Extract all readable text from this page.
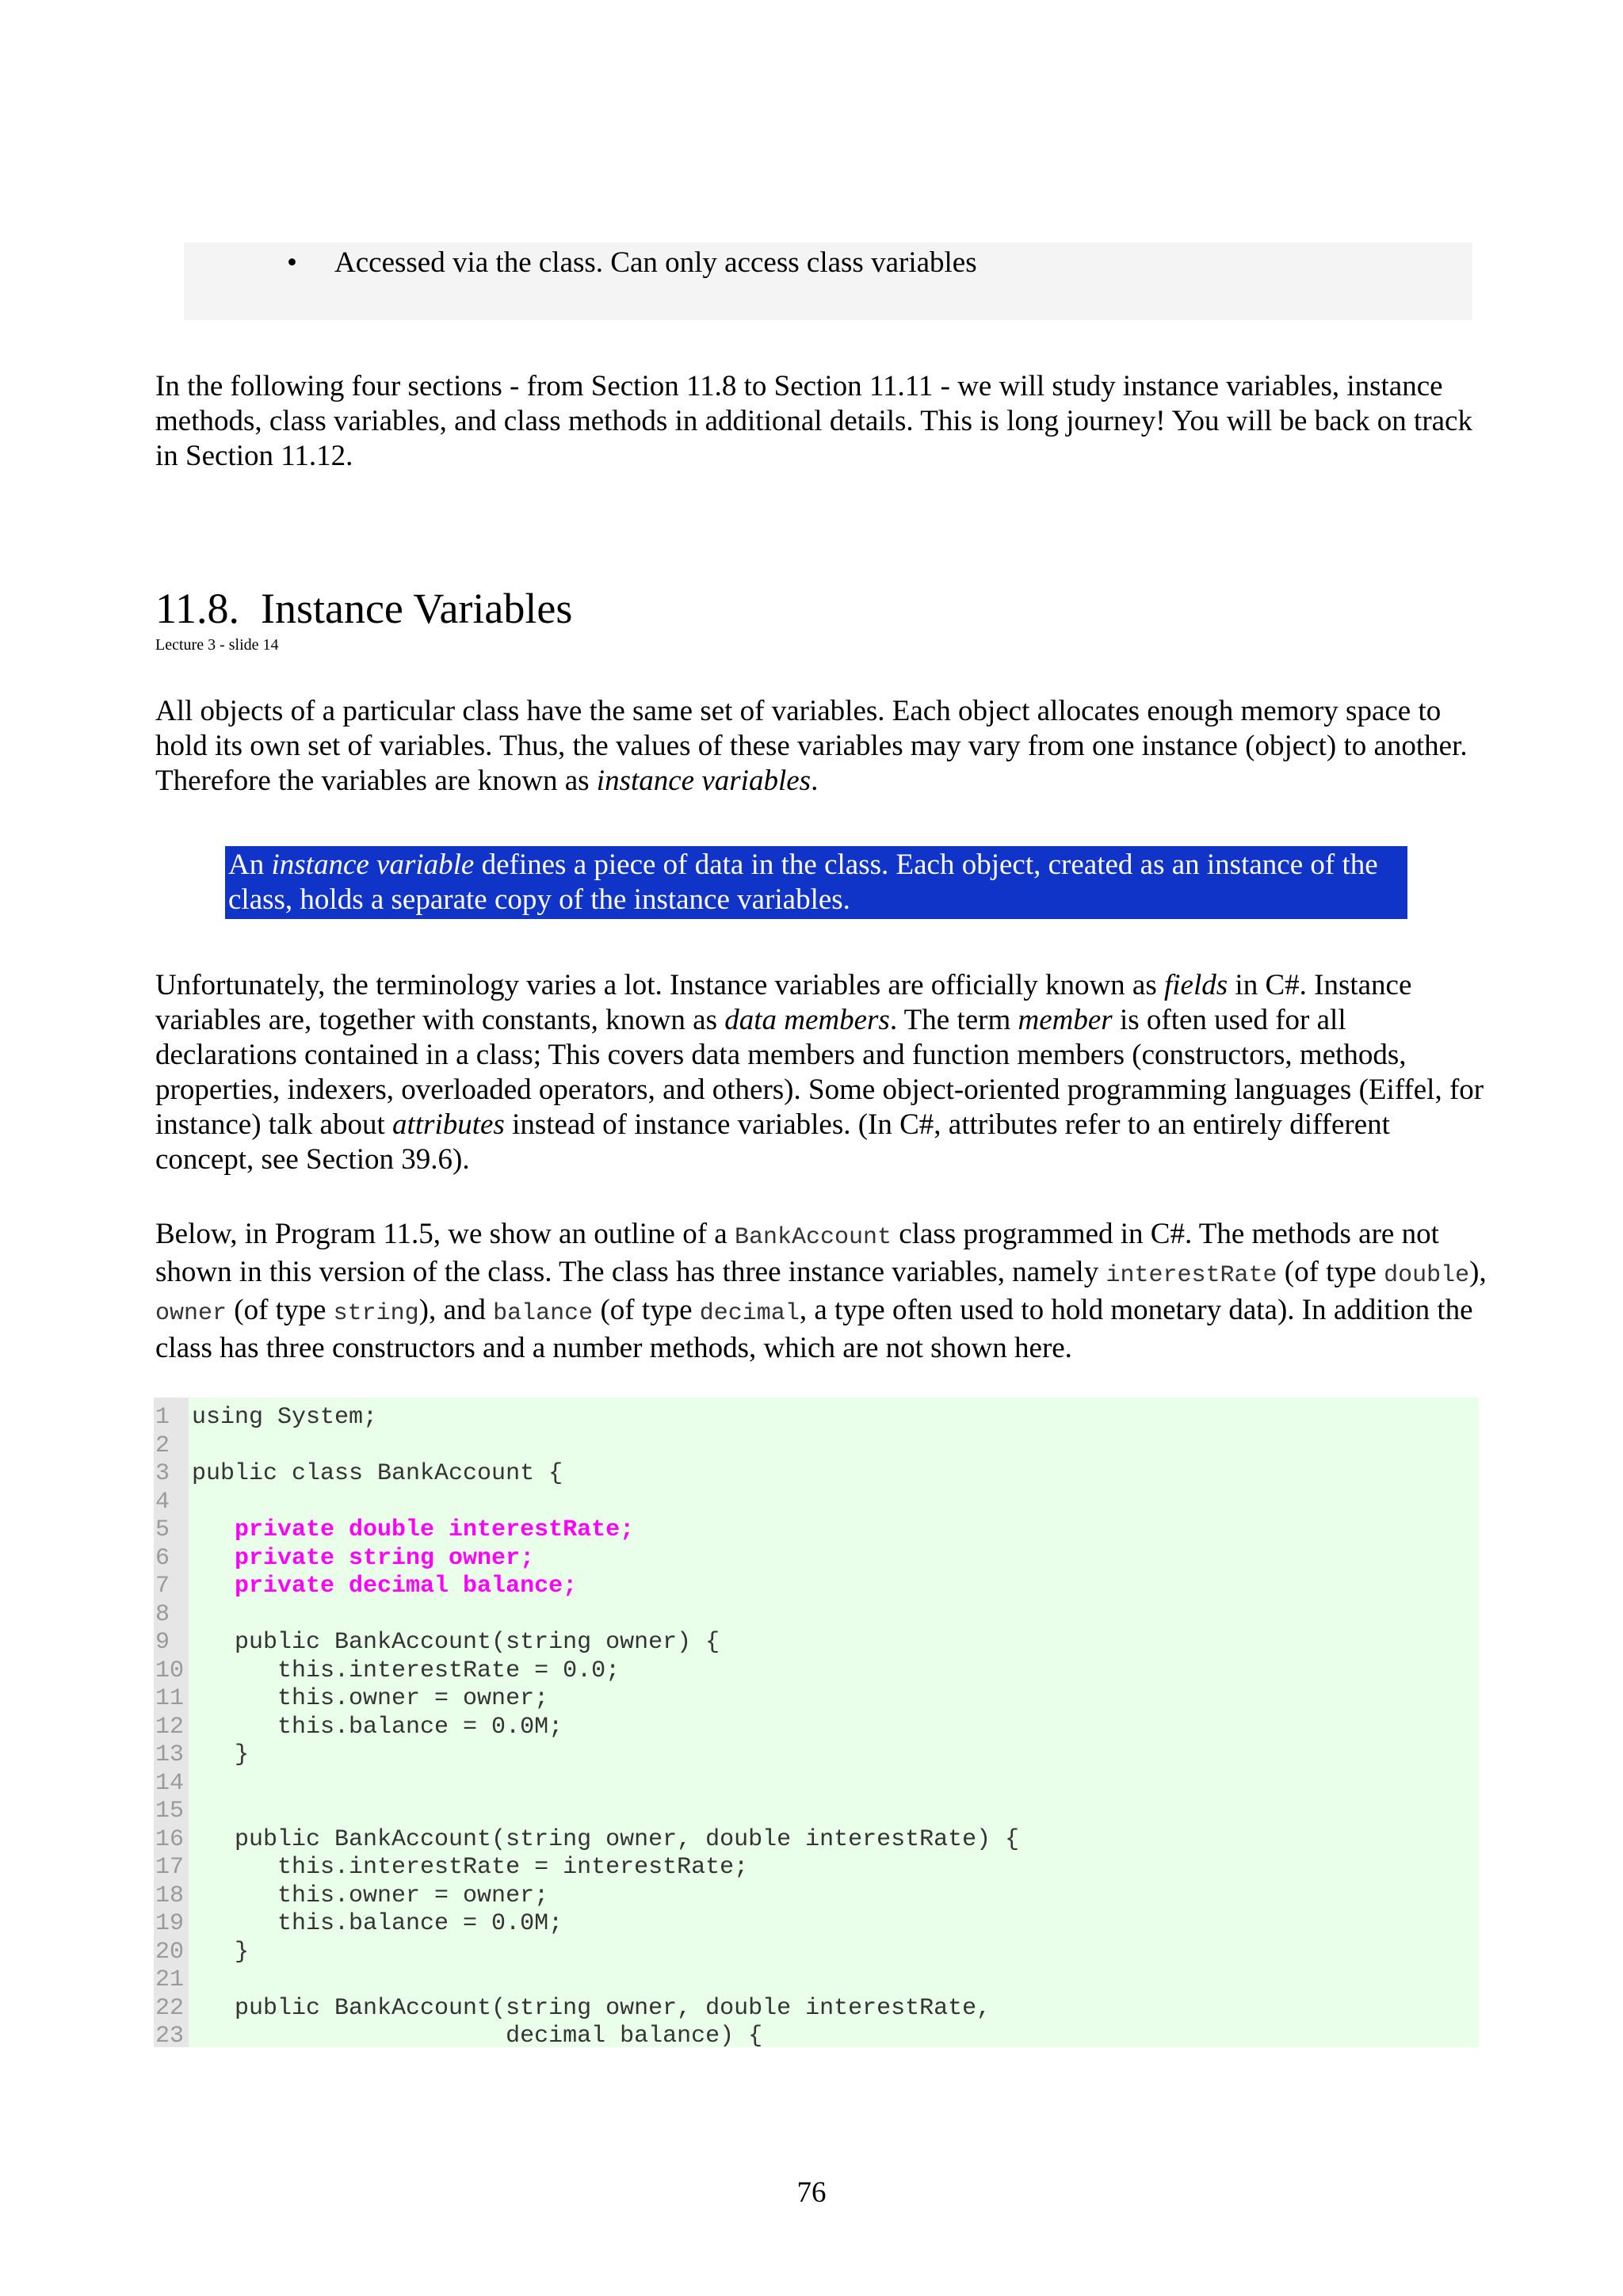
• Accessed via the class. Can only access class variables

In the following four sections - from Section 11.8 to Section 11.11 - we will study instance variables, instance methods, class variables, and class methods in additional details. This is long journey! You will be back on track in Section 11.12.

11.8. Instance Variables
Lecture 3 - slide 14

All objects of a particular class have the same set of variables. Each object allocates enough memory space to hold its own set of variables. Thus, the values of these variables may vary from one instance (object) to another. Therefore the variables are known as instance variables.

An instance variable defines a piece of data in the class. Each object, created as an instance of the class, holds a separate copy of the instance variables.

Unfortunately, the terminology varies a lot. Instance variables are officially known as fields in C#. Instance variables are, together with constants, known as data members. The term member is often used for all declarations contained in a class; This covers data members and function members (constructors, methods, properties, indexers, overloaded operators, and others). Some object-oriented programming languages (Eiffel, for instance) talk about attributes instead of instance variables. (In C#, attributes refer to an entirely different concept, see Section 39.6).

Below, in Program 11.5, we show an outline of a BankAccount class programmed in C#. The methods are not shown in this version of the class. The class has three instance variables, namely interestRate (of type double), owner (of type string), and balance (of type decimal, a type often used to hold monetary data). In addition the class has three constructors and a number methods, which are not shown here.

1 using System;
2
3 public class BankAccount {
4
5 private double interestRate;
6 private string owner;
7 private decimal balance;
8
9 public BankAccount(string owner) {
10 this.interestRate = 0.0;
11 this.owner = owner;
12 this.balance = 0.0M;
13 }
14
15
16 public BankAccount(string owner, double interestRate) {
17 this.interestRate = interestRate;
18 this.owner = owner;
19 this.balance = 0.0M;
20 }
21
22 public BankAccount(string owner, double interestRate,
23 decimal balance) {
76
